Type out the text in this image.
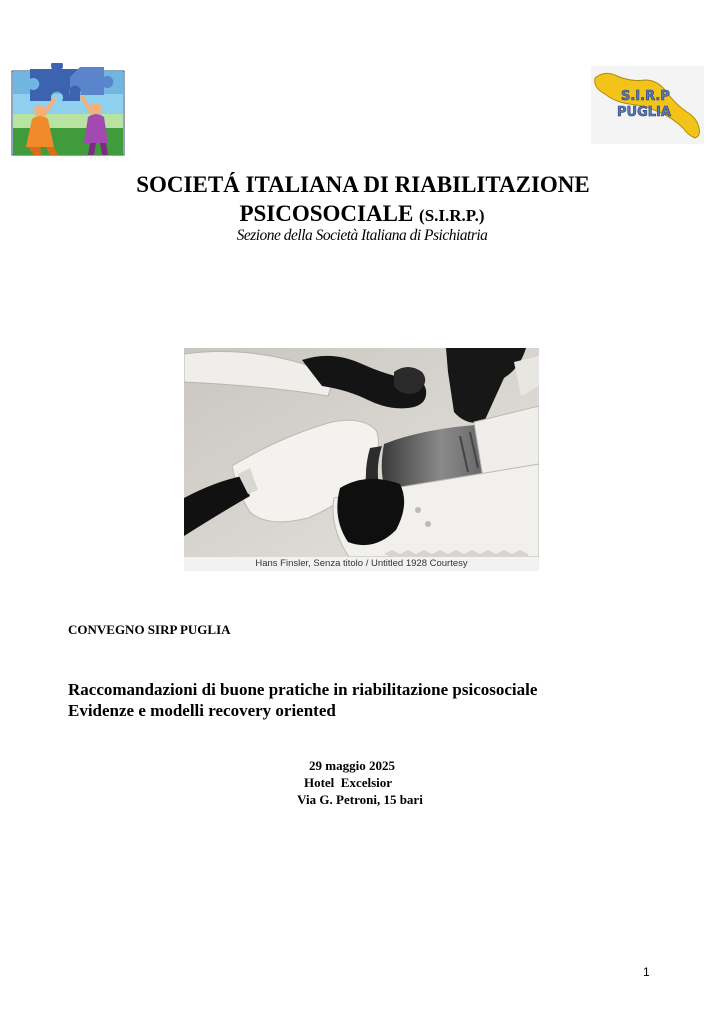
S.I.R.P
PUGLIA
SOCIETÁ ITALIANA DI RIABILITAZIONE
PSICOSOCIALE (S.I.R.P.)
Sezione della Società Italiana di Psichiatria
Hans Finsler, Senza titolo / Untitled 1928 Courtesy
CONVEGNO SIRP PUGLIA
Raccomandazioni di buone pratiche in riabilitazione psicosociale
Evidenze e modelli recovery oriented
29 maggio 2025
Hotel  Excelsior
Via G. Petroni, 15 bari
1
